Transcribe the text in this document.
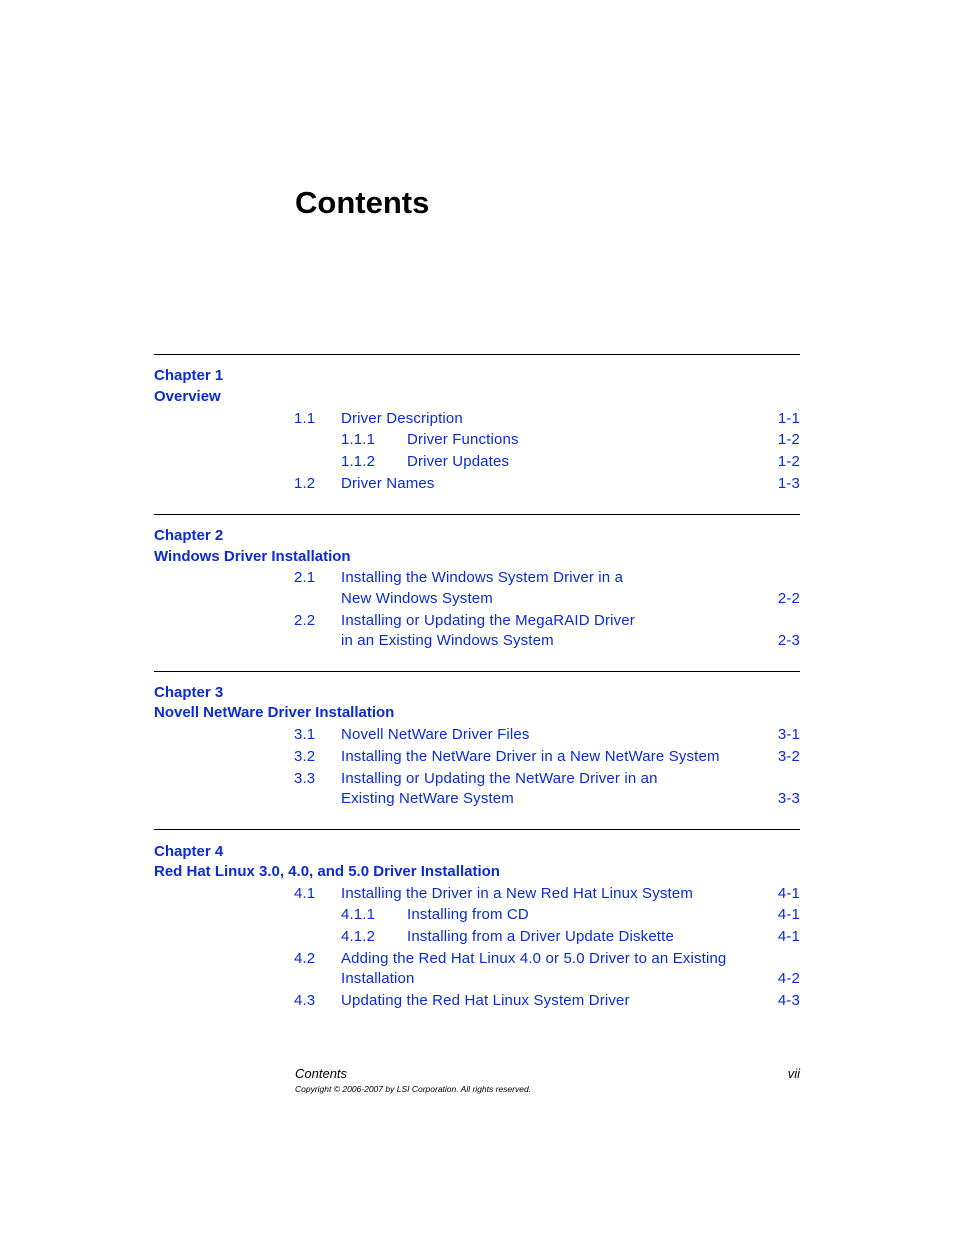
Contents
Chapter 1
Overview
1.1 Driver Description	1-1
1.1.1 Driver Functions	1-2
1.1.2 Driver Updates	1-2
1.2 Driver Names	1-3
Chapter 2
Windows Driver Installation
2.1 Installing the Windows System Driver in a
New Windows System	2-2
2.2 Installing or Updating the MegaRAID Driver
in an Existing Windows System	2-3
Chapter 3
Novell NetWare Driver Installation
3.1 Novell NetWare Driver Files	3-1
3.2 Installing the NetWare Driver in a New NetWare System	3-2
3.3 Installing or Updating the NetWare Driver in an
Existing NetWare System	3-3
Chapter 4
Red Hat Linux 3.0, 4.0, and 5.0 Driver Installation
4.1 Installing the Driver in a New Red Hat Linux System	4-1
4.1.1 Installing from CD	4-1
4.1.2 Installing from a Driver Update Diskette	4-1
4.2 Adding the Red Hat Linux 4.0 or 5.0 Driver to an Existing
Installation	4-2
4.3 Updating the Red Hat Linux System Driver	4-3
Contents	vii
Copyright © 2006-2007 by LSI Corporation. All rights reserved.
